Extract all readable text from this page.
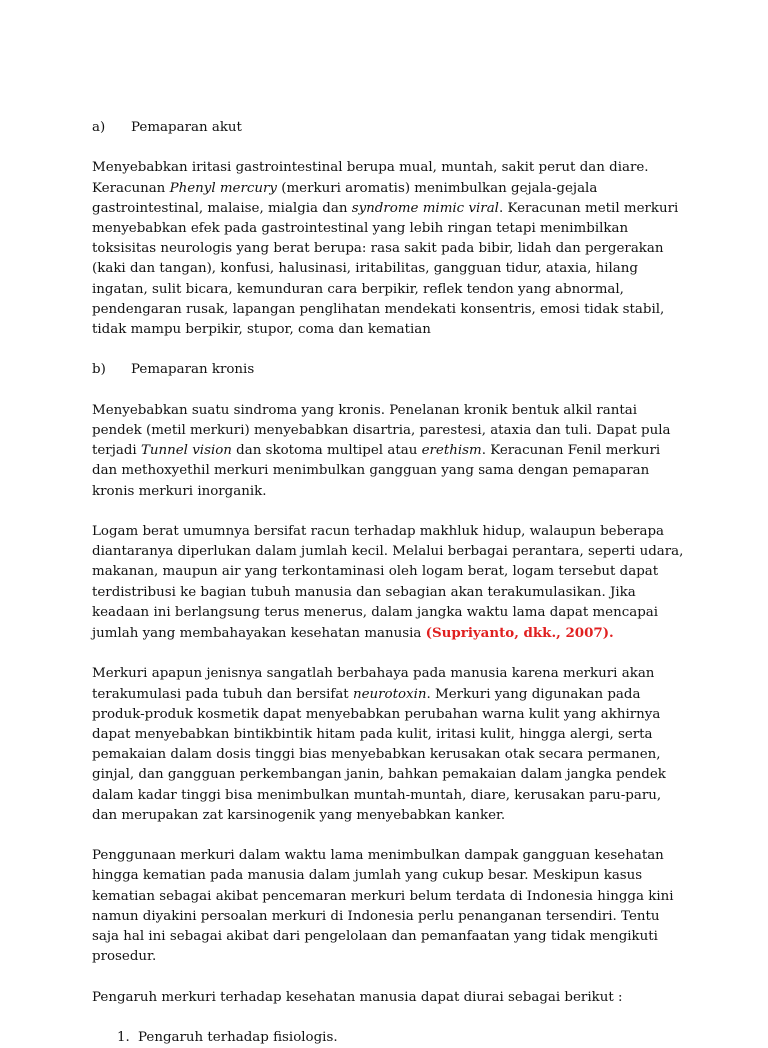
a)	Pemaparan akut
Menyebabkan iritasi gastrointestinal berupa mual, muntah, sakit perut dan diare.
Keracunan Phenyl mercury (merkuri aromatis) menimbulkan gejala-gejala
gastrointestinal, malaise, mialgia dan syndrome mimic viral. Keracunan metil merkuri
menyebabkan efek pada gastrointestinal yang lebih ringan tetapi menimbilkan
toksisitas neurologis yang berat berupa: rasa sakit pada bibir, lidah dan pergerakan
(kaki dan tangan), konfusi, halusinasi, iritabilitas, gangguan tidur, ataxia, hilang
ingatan, sulit bicara, kemunduran cara berpikir, reflek tendon yang abnormal,
pendengaran rusak, lapangan penglihatan mendekati konsentris, emosi tidak stabil,
tidak mampu berpikir, stupor, coma dan kematian
b)	Pemaparan kronis
Menyebabkan suatu sindroma yang kronis. Penelanan kronik bentuk alkil rantai
pendek (metil merkuri) menyebabkan disartria, parestesi, ataxia dan tuli. Dapat pula
terjadi Tunnel vision dan skotoma multipel atau erethism. Keracunan Fenil merkuri
dan methoxyethil merkuri menimbulkan gangguan yang sama dengan pemaparan
kronis merkuri inorganik.
Logam berat umumnya bersifat racun terhadap makhluk hidup, walaupun beberapa
diantaranya diperlukan dalam jumlah kecil. Melalui berbagai perantara, seperti udara,
makanan, maupun air yang terkontaminasi oleh logam berat, logam tersebut dapat
terdistribusi ke bagian tubuh manusia dan sebagian akan terakumulasikan. Jika
keadaan ini berlangsung terus menerus, dalam jangka waktu lama dapat mencapai
jumlah yang membahayakan kesehatan manusia (Supriyanto, dkk., 2007).
Merkuri apapun jenisnya sangatlah berbahaya pada manusia karena merkuri akan
terakumulasi pada tubuh dan bersifat neurotoxin. Merkuri yang digunakan pada
produk-produk kosmetik dapat menyebabkan perubahan warna kulit yang akhirnya
dapat menyebabkan bintikbintik hitam pada kulit, iritasi kulit, hingga alergi, serta
pemakaian dalam dosis tinggi bias menyebabkan kerusakan otak secara permanen,
ginjal, dan gangguan perkembangan janin, bahkan pemakaian dalam jangka pendek
dalam kadar tinggi bisa menimbulkan muntah-muntah, diare, kerusakan paru-paru,
dan merupakan zat karsinogenik yang menyebabkan kanker.
Penggunaan merkuri dalam waktu lama menimbulkan dampak gangguan kesehatan
hingga kematian pada manusia dalam jumlah yang cukup besar. Meskipun kasus
kematian sebagai akibat pencemaran merkuri belum terdata di Indonesia hingga kini
namun diyakini persoalan merkuri di Indonesia perlu penanganan tersendiri. Tentu
saja hal ini sebagai akibat dari pengelolaan dan pemanfaatan yang tidak mengikuti
prosedur.
Pengaruh merkuri terhadap kesehatan manusia dapat diurai sebagai berikut :
1. Pengaruh terhadap fisiologis.
